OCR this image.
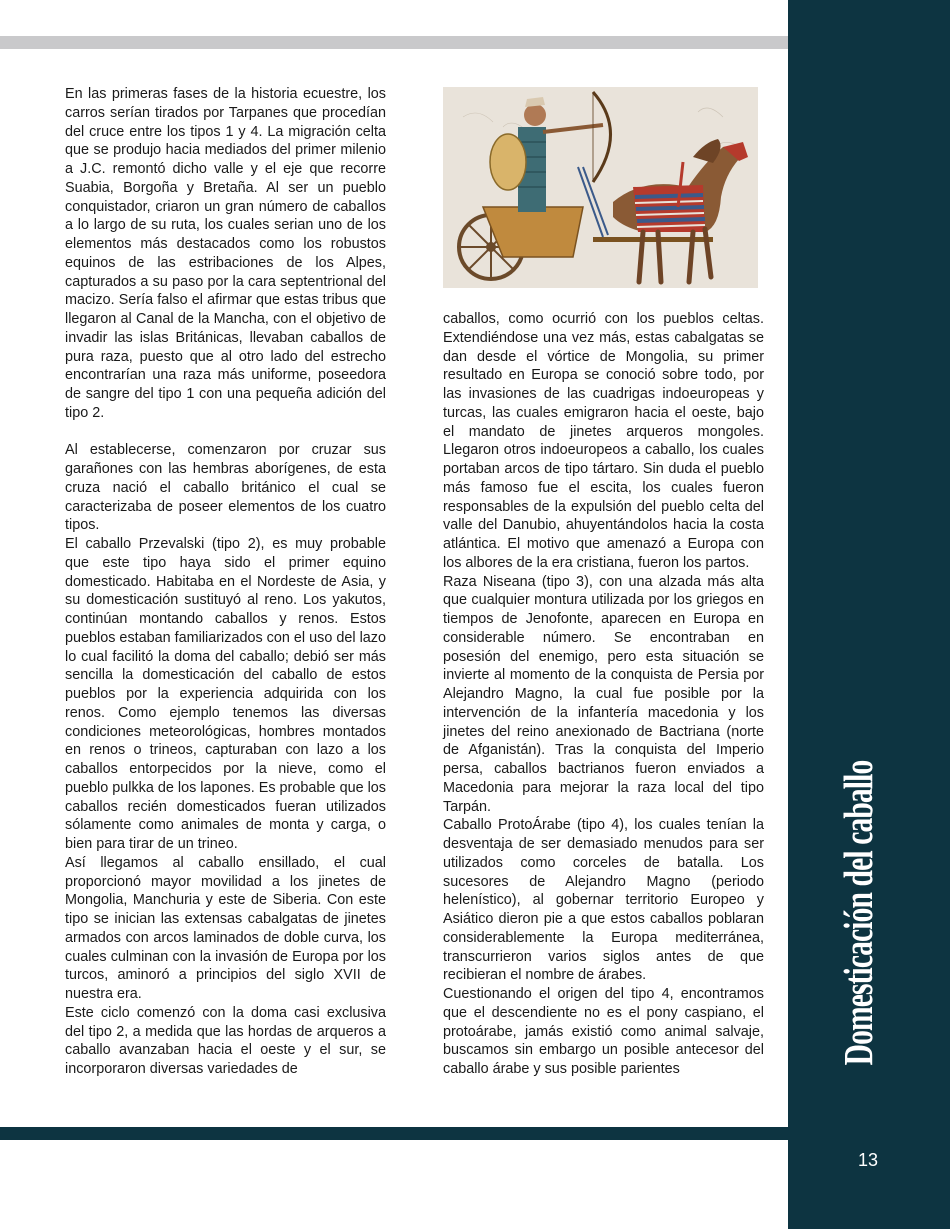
Domesticación del caballo
13

En las primeras fases de la historia ecuestre, los carros serían tirados por Tarpanes que procedían del cruce entre los tipos 1 y 4. La migración celta que se produjo hacia mediados del primer milenio a J.C. remontó dicho valle y el eje que recorre Suabia, Borgoña y Bretaña. Al ser un pueblo conquistador, criaron un gran número de caballos a lo largo de su ruta, los cuales serian uno de los elementos más destacados como los robustos equinos de las estribaciones de los Alpes, capturados a su paso por la cara septentrional del macizo. Sería falso el afirmar que estas tribus que llegaron al Canal de la Mancha, con el objetivo de invadir las islas Británicas, llevaban caballos de pura raza, puesto que al otro lado del estrecho encontrarían una raza más uniforme, poseedora de sangre del tipo 1 con una pequeña adición del tipo 2.

Al establecerse, comenzaron por cruzar sus garañones con las hembras aborígenes, de esta cruza nació el caballo británico el cual se caracterizaba de poseer elementos de los cuatro tipos.

El caballo Przevalski (tipo 2), es muy probable que este tipo haya sido el primer equino domesticado. Habitaba en el Nordeste de Asia, y su domesticación sustituyó al reno. Los yakutos, continúan montando caballos y renos. Estos pueblos estaban familiarizados con el uso del lazo lo cual facilitó la doma del caballo; debió ser más sencilla la domesticación del caballo de estos pueblos por la experiencia adquirida con los renos. Como ejemplo tenemos las diversas condiciones meteorológicas, hombres montados en renos o trineos, capturaban con lazo a los caballos entorpecidos por la nieve, como el pueblo pulkka de los lapones. Es probable que los caballos recién domesticados fueran utilizados sólamente como animales de monta y carga, o bien para tirar de un trineo.

Así llegamos al caballo ensillado, el cual proporcionó mayor movilidad a los jinetes de Mongolia, Manchuria y este de Siberia. Con este tipo se inician las extensas cabalgatas de jinetes armados con arcos laminados de doble curva, los cuales culminan con la invasión de Europa por los turcos, aminoró a principios del siglo XVII de nuestra era.

Este ciclo comenzó con la doma casi exclusiva del tipo 2, a medida que las hordas de arqueros a caballo avanzaban hacia el oeste y el sur, se incorporaron diversas variedades de

caballos, como ocurrió con los pueblos celtas. Extendiéndose una vez más, estas cabalgatas se dan desde el vórtice de Mongolia, su primer resultado en Europa se conoció sobre todo, por las invasiones de las cuadrigas indoeuropeas y turcas, las cuales emigraron hacia el oeste, bajo el mandato de jinetes arqueros mongoles. Llegaron otros indoeuropeos a caballo, los cuales portaban arcos de tipo tártaro. Sin duda el pueblo más famoso fue el escita, los cuales fueron responsables de la expulsión del pueblo celta del valle del Danubio, ahuyentándolos hacia la costa atlántica. El motivo que amenazó a Europa con los albores de la era cristiana, fueron los partos.

Raza Niseana (tipo 3), con una alzada más alta que cualquier montura utilizada por los griegos en tiempos de Jenofonte, aparecen en Europa en considerable número. Se encontraban en posesión del enemigo, pero esta situación se invierte al momento de la conquista de Persia por Alejandro Magno, la cual fue posible por la intervención de la infantería macedonia y los jinetes del reino anexionado de Bactriana (norte de Afganistán). Tras la conquista del Imperio persa, caballos bactrianos fueron enviados a Macedonia para mejorar la raza local del tipo Tarpán.

Caballo ProtoÁrabe (tipo 4), los cuales tenían la desventaja de ser demasiado menudos para ser utilizados como corceles de batalla. Los sucesores de Alejandro Magno (periodo helenístico), al gobernar territorio Europeo y Asiático dieron pie a que estos caballos poblaran considerablemente la Europa mediterránea, transcurrieron varios siglos antes de que recibieran el nombre de árabes.

Cuestionando el origen del tipo 4, encontramos que el descendiente no es el pony caspiano, el protoárabe, jamás existió como animal salvaje, buscamos sin embargo un posible antecesor del caballo árabe y sus posible parientes
